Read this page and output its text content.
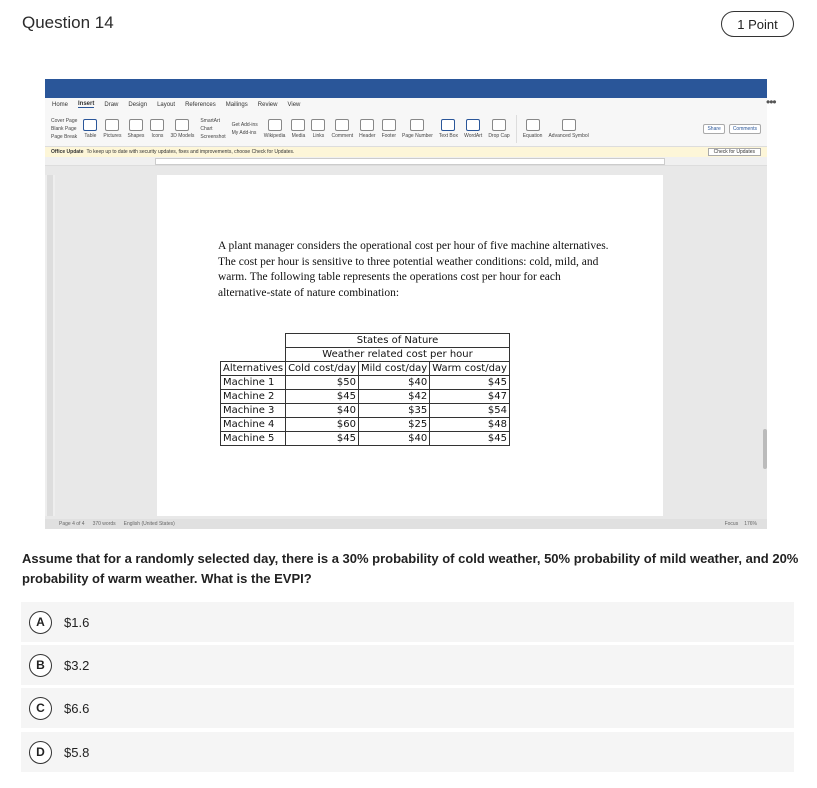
Question 14	1 Point
Home Insert Draw Design Layout References Mailings Review View
Cover Page
Blank Page
Page Break Table Pictures Shapes Icons 3D Models
SmartArt
Chart
Screenshot
Get Add-ins
My Add-ins Wikipedia Media Links Comment Header Footer Page Number Text Box WordArt Drop Cap	Equation Advanced Symbol
Share	Comments
Office Update To keep up to date with security updates, fixes and improvements, choose Check for Updates.	Check for Updates
A plant manager considers the operational cost per hour of five machine alternatives. The cost per hour is sensitive to three potential weather conditions: cold, mild, and warm. The following table represents the operations cost per hour for each alternative-state of nature combination:
	States of Nature		
	Weather related cost per hour		
Alternatives	Cold cost/day	Mild cost/day	Warm cost/day
Machine 1	$50	$40	$45
Machine 2	$45	$42	$47
Machine 3	$40	$35	$54
Machine 4	$60	$25	$48
Machine 5	$45	$40	$45
Page 4 of 4 370 words English (United States)	Focus 176%
•••
Assume that for a randomly selected day, there is a 30% probability of cold weather, 50% probability of mild weather, and 20% probability of warm weather. What is the EVPI?
A	$1.6
B	$3.2
C	$6.6
D	$5.8
